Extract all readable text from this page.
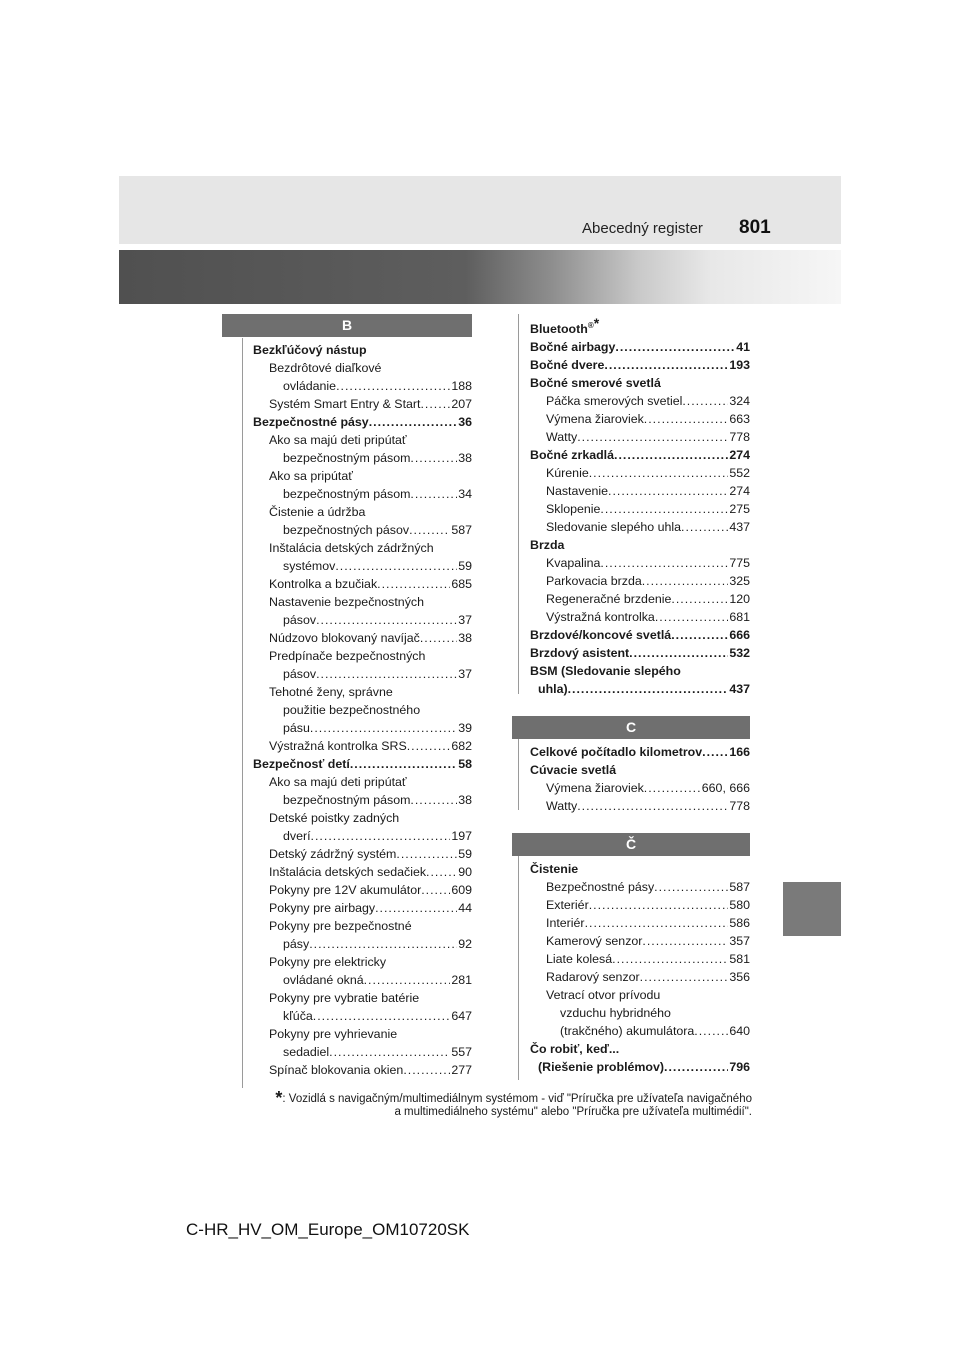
Abecedný register 801
B
Bezkľúčový nástup
Bezdrôtové diaľkové
ovládanie .....	188
Systém Smart Entry & Start ..... 207
Bezpečnostné pásy .....	36
Ako sa majú deti pripútať
bezpečnostným pásom .....	38
Ako sa pripútať
bezpečnostným pásom .....	34
Čistenie a údržba
bezpečnostných pásov .....	587
Inštalácia detských zádržných
systémov .....	59
Kontrolka a bzučiak .....	685
Nastavenie bezpečnostných
pásov .....	37
Núdzovo blokovaný navíjač .....	38
Predpínače bezpečnostných
pásov .....	37
Tehotné ženy, správne
použitie bezpečnostného
pásu .....	39
Výstražná kontrolka SRS .....	682
Bezpečnosť detí .....	58
Ako sa majú deti pripútať
bezpečnostným pásom .....	38
Detské poistky zadných
dverí .....	197
Detský zádržný systém .....	59
Inštalácia detských sedačiek .....	90
Pokyny pre 12V akumulátor ..... 609
Pokyny pre airbagy .....	44
Pokyny pre bezpečnostné
pásy .....	92
Pokyny pre elektricky
ovládané okná .....	281
Pokyny pre vybratie batérie
kľúča .....	647
Pokyny pre vyhrievanie
sedadiel .....	557
Spínač blokovania okien .....	277
Bluetooth®*
Bočné airbagy .....	41
Bočné dvere .....	193
Bočné smerové svetlá
Páčka smerových svetiel .....	324
Výmena žiaroviek .....	663
Watty .....	778
Bočné zrkadlá .....	274
Kúrenie .....	552
Nastavenie .....	274
Sklopenie .....	275
Sledovanie slepého uhla .....	437
Brzda
Kvapalina .....	775
Parkovacia brzda .....	325
Regeneračné brzdenie .....	120
Výstražná kontrolka .....	681
Brzdové/koncové svetlá .....	666
Brzdový asistent .....	532
BSM (Sledovanie slepého
uhla) .....	437
C
Celkové počítadlo kilometrov ..... 166
Cúvacie svetlá
Výmena žiaroviek .....	660, 666
Watty .....	778
Č
Čistenie
Bezpečnostné pásy .....	587
Exteriér .....	580
Interiér .....	586
Kamerový senzor .....	357
Liate kolesá .....	581
Radarový senzor .....	356
Vetrací otvor prívodu
vzduchu hybridného
(trakčného) akumulátora .....	640
Čo robiť, keď...
(Riešenie problémov) .....	796
*: Vozidlá s navigačným/multimediálnym systémom - viď "Príručka pre užívateľa navigačného
a multimediálneho systému" alebo "Príručka pre užívateľa multimédií".
C-HR_HV_OM_Europe_OM10720SK
